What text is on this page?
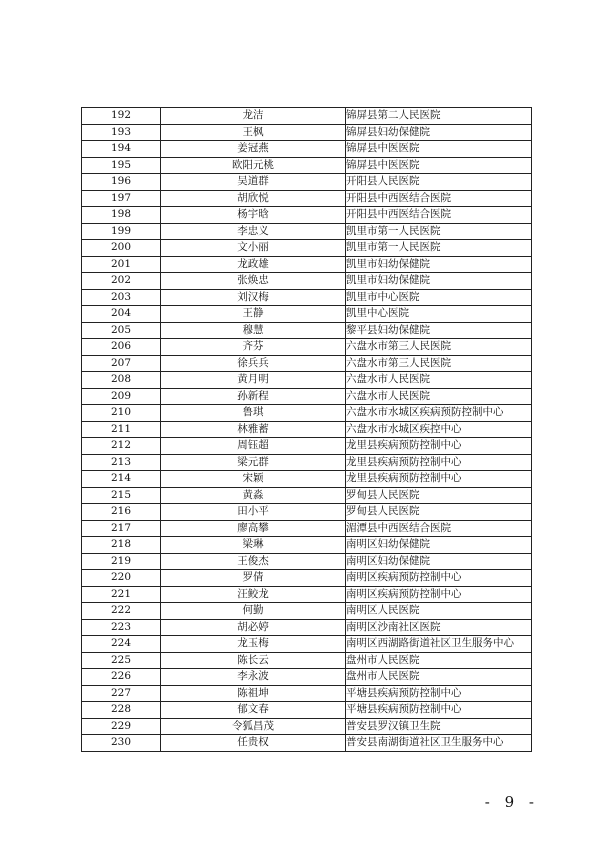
192	龙洁	锦屏县第二人民医院
193	王枫	锦屏县妇幼保健院
194	姜冠燕	锦屏县中医医院
195	欧阳元桃	锦屏县中医医院
196	吴道群	开阳县人民医院
197	胡欣悦	开阳县中西医结合医院
198	杨宇晗	开阳县中西医结合医院
199	李忠义	凯里市第一人民医院
200	文小丽	凯里市第一人民医院
201	龙政雄	凯里市妇幼保健院
202	张焕忠	凯里市妇幼保健院
203	刘汉梅	凯里市中心医院
204	王静	凯里中心医院
205	穆慧	黎平县妇幼保健院
206	齐芬	六盘水市第三人民医院
207	徐兵兵	六盘水市第三人民医院
208	黄月明	六盘水市人民医院
209	孙新程	六盘水市人民医院
210	鲁琪	六盘水市水城区疾病预防控制中心
211	林雅蓄	六盘水市水城区疾控中心
212	周钰超	龙里县疾病预防控制中心
213	梁元群	龙里县疾病预防控制中心
214	宋颖	龙里县疾病预防控制中心
215	黄淼	罗甸县人民医院
216	田小平	罗甸县人民医院
217	廖高攀	湄潭县中西医结合医院
218	梁琳	南明区妇幼保健院
219	王俊杰	南明区妇幼保健院
220	罗倩	南明区疾病预防控制中心
221	汪鲛龙	南明区疾病预防控制中心
222	何勤	南明区人民医院
223	胡必婷	南明区沙南社区医院
224	龙玉梅	南明区西湖路街道社区卫生服务中心
225	陈长云	盘州市人民医院
226	李永波	盘州市人民医院
227	陈祖坤	平塘县疾病预防控制中心
228	郁文春	平塘县疾病预防控制中心
229	令狐昌茂	普安县罗汉镇卫生院
230	任贵权	普安县南湖街道社区卫生服务中心
- 9 -
